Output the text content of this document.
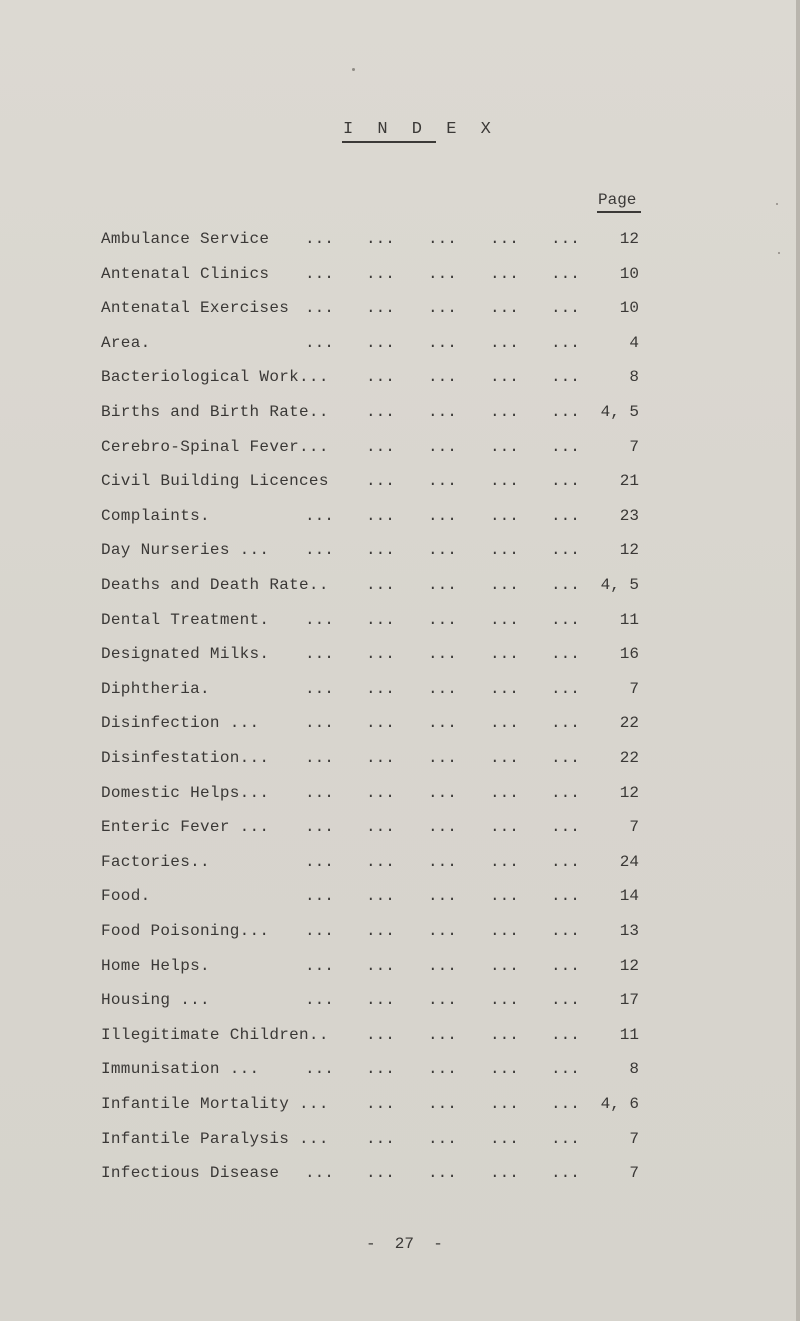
I N D E X
Page
Ambulance Service ... ... ... ... ... 12
Antenatal Clinics ... ... ... ... ... 10
Antenatal Exercises ... ... ... ... ... 10
Area.	... ... ... ... ...	4
Bacteriological Work... ... ... ... ...	8
Births and Birth Rate.. ... ... ... ... 4, 5
Cerebro-Spinal Fever... ... ... ... ...	7
Civil Building Licences ... ... ... ... 21
Complaints.	... ... ... ... ... 23
Day Nurseries ... ... ... ... ... ... 12
Deaths and Death Rate.. ... ... ... ... 4, 5
Dental Treatment. ... ... ... ... ... 11
Designated Milks. ... ... ... ... ... 16
Diphtheria.	... ... ... ... ...	7
Disinfection ...	... ... ... ... ... 22
Disinfestation... ... ... ... ... ... 22
Domestic Helps... ... ... ... ... ... 12
Enteric Fever ... ... ... ... ... ...	7
Factories..	... ... ... ... ... 24
Food.	... ... ... ... ... 14
Food Poisoning... ... ... ... ... ... 13
Home Helps.	... ... ... ... ... 12
Housing ...	... ... ... ... ... 17
Illegitimate Children.. ... ... ... ... 11
Immunisation ...	... ... ... ... ...	8
Infantile Mortality ... ... ... ... ... 4, 6
Infantile Paralysis ... ... ... ... ...	7
Infectious Disease ... ... ... ... ...	7
-  27  -
